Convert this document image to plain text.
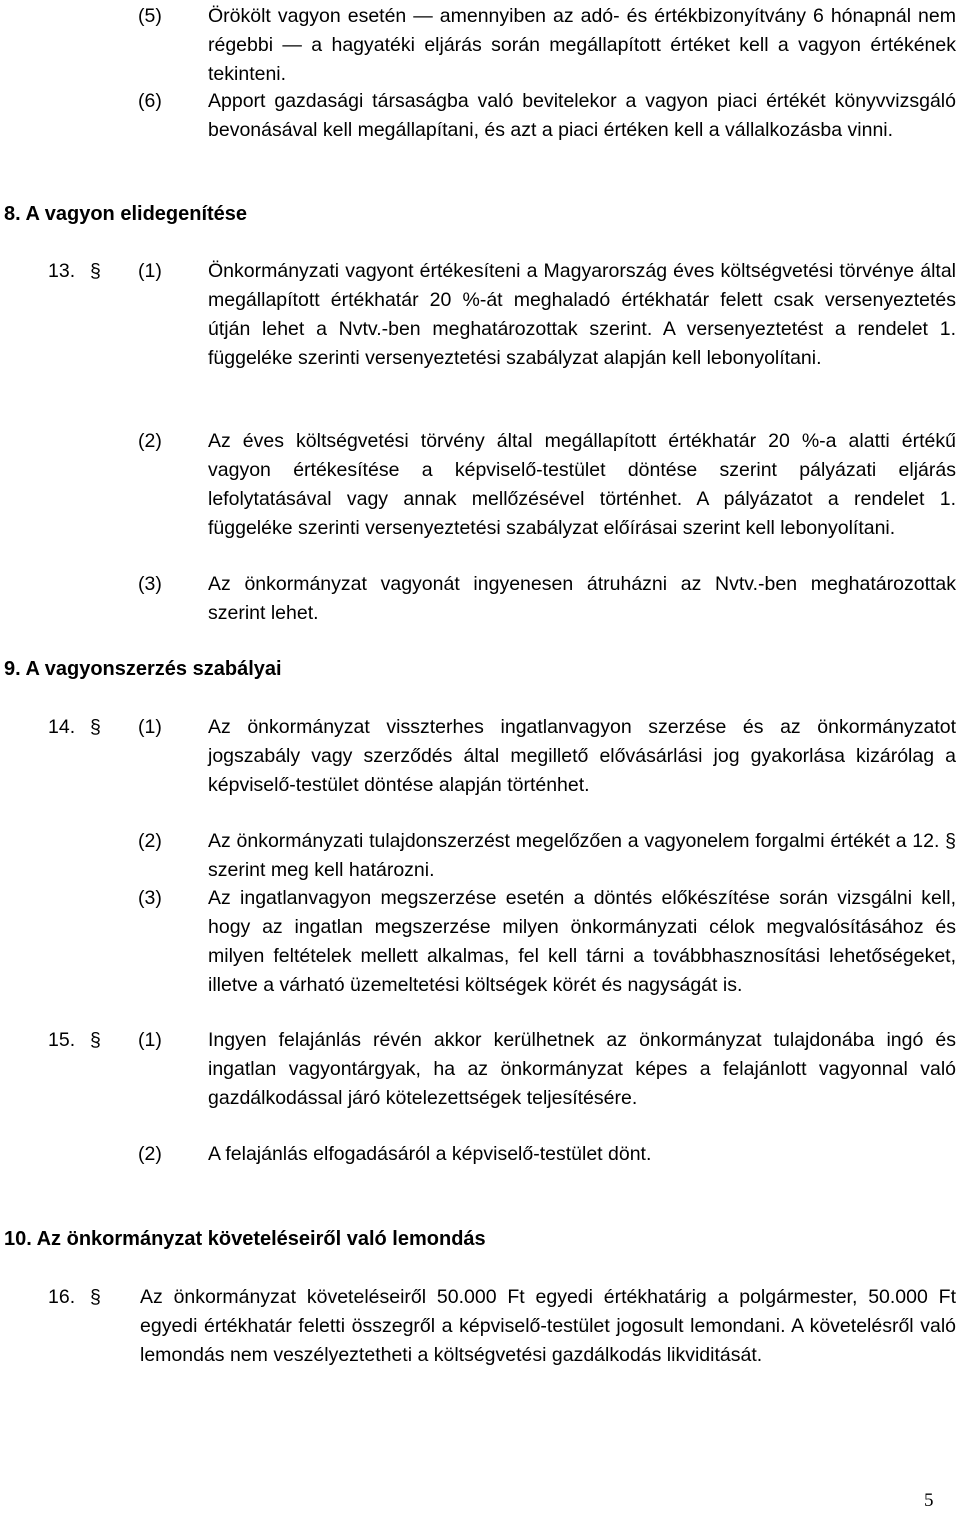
(5) Örökölt vagyon esetén — amennyiben az adó- és értékbizonyítvány 6 hónapnál nem régebbi — a hagyatéki eljárás során megállapított értéket kell a vagyon értékének tekinteni.
(6) Apport gazdasági társaságba való bevitelekor a vagyon piaci értékét könyvvizsgáló bevonásával kell megállapítani, és azt a piaci értéken kell a vállalkozásba vinni.
8. A vagyon elidegenítése
13. § (1) Önkormányzati vagyont értékesíteni a Magyarország éves költségvetési törvénye által megállapított értékhatár 20 %-át meghaladó értékhatár felett csak versenyeztetés útján lehet a Nvtv.-ben meghatározottak szerint. A versenyeztetést a rendelet 1. függeléke szerinti versenyeztetési szabályzat alapján kell lebonyolítani.
(2) Az éves költségvetési törvény által megállapított értékhatár 20 %-a alatti értékű vagyon értékesítése a képviselő-testület döntése szerint pályázati eljárás lefolytatásával vagy annak mellőzésével történhet. A pályázatot a rendelet 1. függeléke szerinti versenyeztetési szabályzat előírásai szerint kell lebonyolítani.
(3) Az önkormányzat vagyonát ingyenesen átruházni az Nvtv.-ben meghatározottak szerint lehet.
9. A vagyonszerzés szabályai
14. § (1) Az önkormányzat visszterhes ingatlanvagyon szerzése és az önkormányzatot jogszabály vagy szerződés által megillető elővásárlási jog gyakorlása kizárólag a képviselő-testület döntése alapján történhet.
(2) Az önkormányzati tulajdonszerzést megelőzően a vagyonelem forgalmi értékét a 12. § szerint meg kell határozni.
(3) Az ingatlanvagyon megszerzése esetén a döntés előkészítése során vizsgálni kell, hogy az ingatlan megszerzése milyen önkormányzati célok megvalósításához és milyen feltételek mellett alkalmas, fel kell tárni a továbbhasznosítási lehetőségeket, illetve a várható üzemeltetési költségek körét és nagyságát is.
15. § (1) Ingyen felajánlás révén akkor kerülhetnek az önkormányzat tulajdonába ingó és ingatlan vagyontárgyak, ha az önkormányzat képes a felajánlott vagyonnal való gazdálkodással járó kötelezettségek teljesítésére.
(2) A felajánlás elfogadásáról a képviselő-testület dönt.
10. Az önkormányzat követeléseiről való lemondás
16. § Az önkormányzat követeléseiről 50.000 Ft egyedi értékhatárig a polgármester, 50.000 Ft egyedi értékhatár feletti összegről a képviselő-testület jogosult lemondani. A követelésről való lemondás nem veszélyeztetheti a költségvetési gazdálkodás likviditását.
5
